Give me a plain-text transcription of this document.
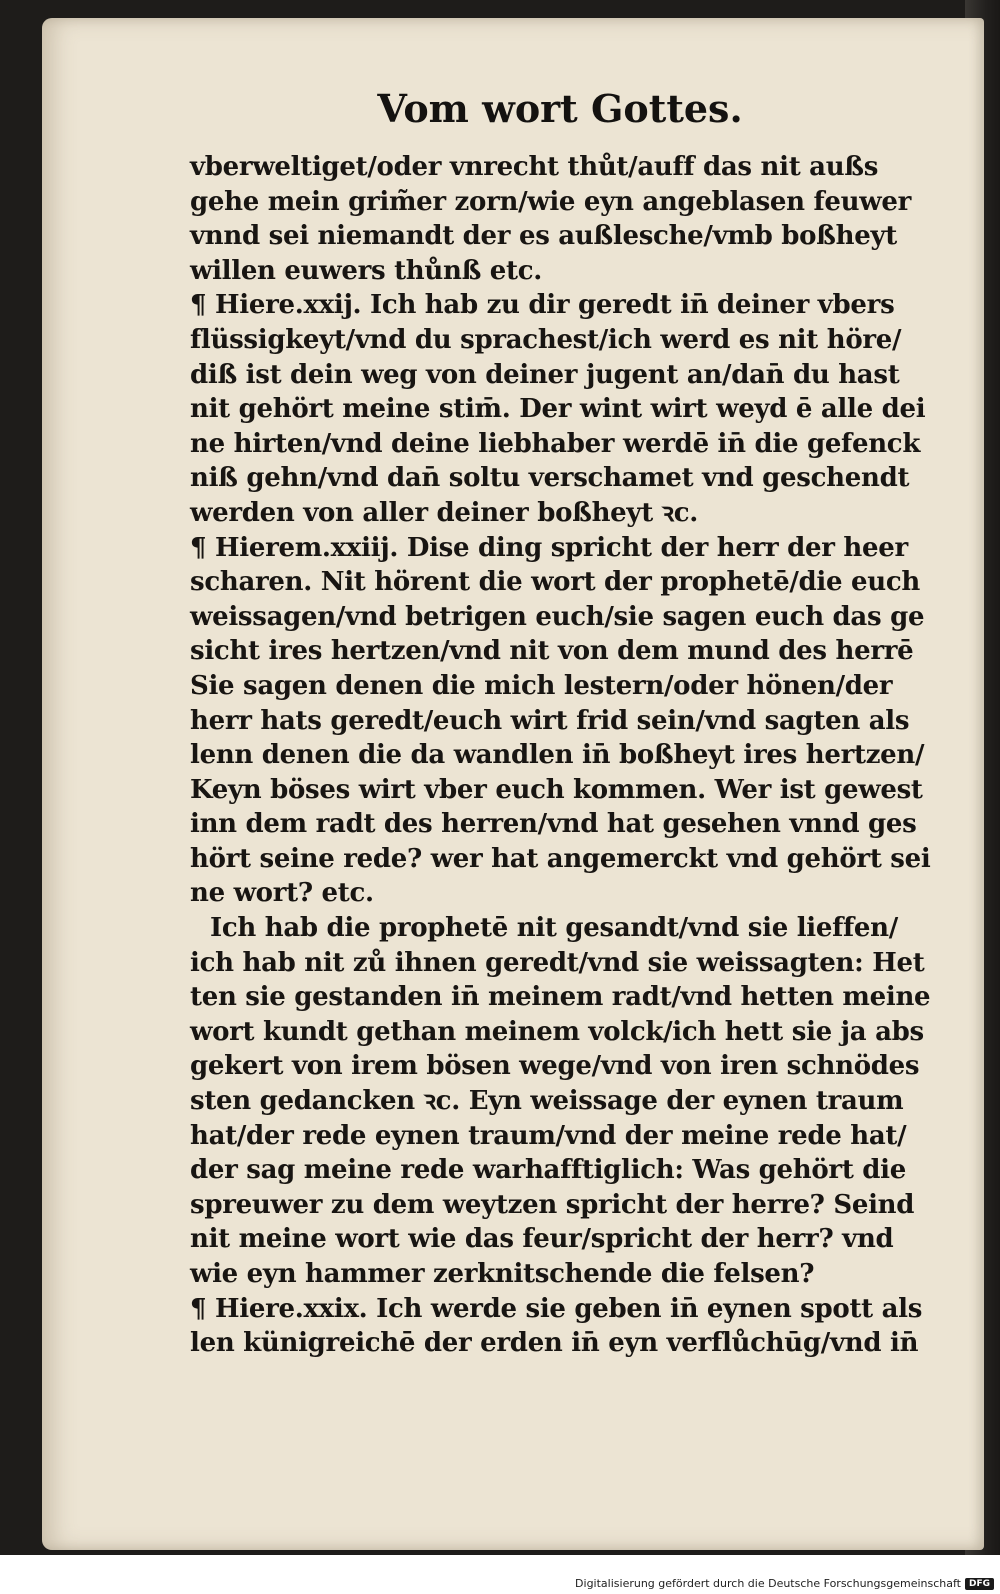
Vom wort Gottes.
vberweltiget/oder vnrecht thůt/auff das nit außs
gehe mein grim̃er zorn/wie eyn angeblasen feuwer
vnnd sei niemandt der es außlesche/vmb boßheyt
willen euwers thůnß etc.
¶ Hiere.xxij. Ich hab zu dir geredt in̄ deiner vbers
flüssigkeyt/vnd du sprachest/ich werd es nit höre/
diß ist dein weg von deiner jugent an/dan̄ du hast
nit gehört meine stim̄. Der wint wirt weyd ē alle dei
ne hirten/vnd deine liebhaber werdē in̄ die gefenck
niß gehn/vnd dan̄ soltu verschamet vnd geschendt
werden von aller deiner boßheyt ꝛc.
¶ Hierem.xxiij. Dise ding spricht der herr der heer
scharen. Nit hörent die wort der prophetē/die euch
weissagen/vnd betrigen euch/sie sagen euch das ge
sicht ires hertzen/vnd nit von dem mund des herrē
Sie sagen denen die mich lestern/oder hönen/der
herr hats geredt/euch wirt frid sein/vnd sagten als
lenn denen die da wandlen in̄ boßheyt ires hertzen/
Keyn böses wirt vber euch kommen. Wer ist gewest
inn dem radt des herren/vnd hat gesehen vnnd ges
hört seine rede? wer hat angemerckt vnd gehört sei
ne wort? etc.
Ich hab die prophetē nit gesandt/vnd sie lieffen/
ich hab nit zů ihnen geredt/vnd sie weissagten: Het
ten sie gestanden in̄ meinem radt/vnd hetten meine
wort kundt gethan meinem volck/ich hett sie ja abs
gekert von irem bösen wege/vnd von iren schnödes
sten gedancken ꝛc. Eyn weissage der eynen traum
hat/der rede eynen traum/vnd der meine rede hat/
der sag meine rede warhafftiglich: Was gehört die
spreuwer zu dem weytzen spricht der herre? Seind
nit meine wort wie das feur/spricht der herr? vnd
wie eyn hammer zerknitschende die felsen?
¶ Hiere.xxix. Ich werde sie geben in̄ eynen spott als
len künigreichē der erden in̄ eyn verflůchūg/vnd in̄
Digitalisierung gefördert durch die Deutsche Forschungsgemeinschaft DFG
